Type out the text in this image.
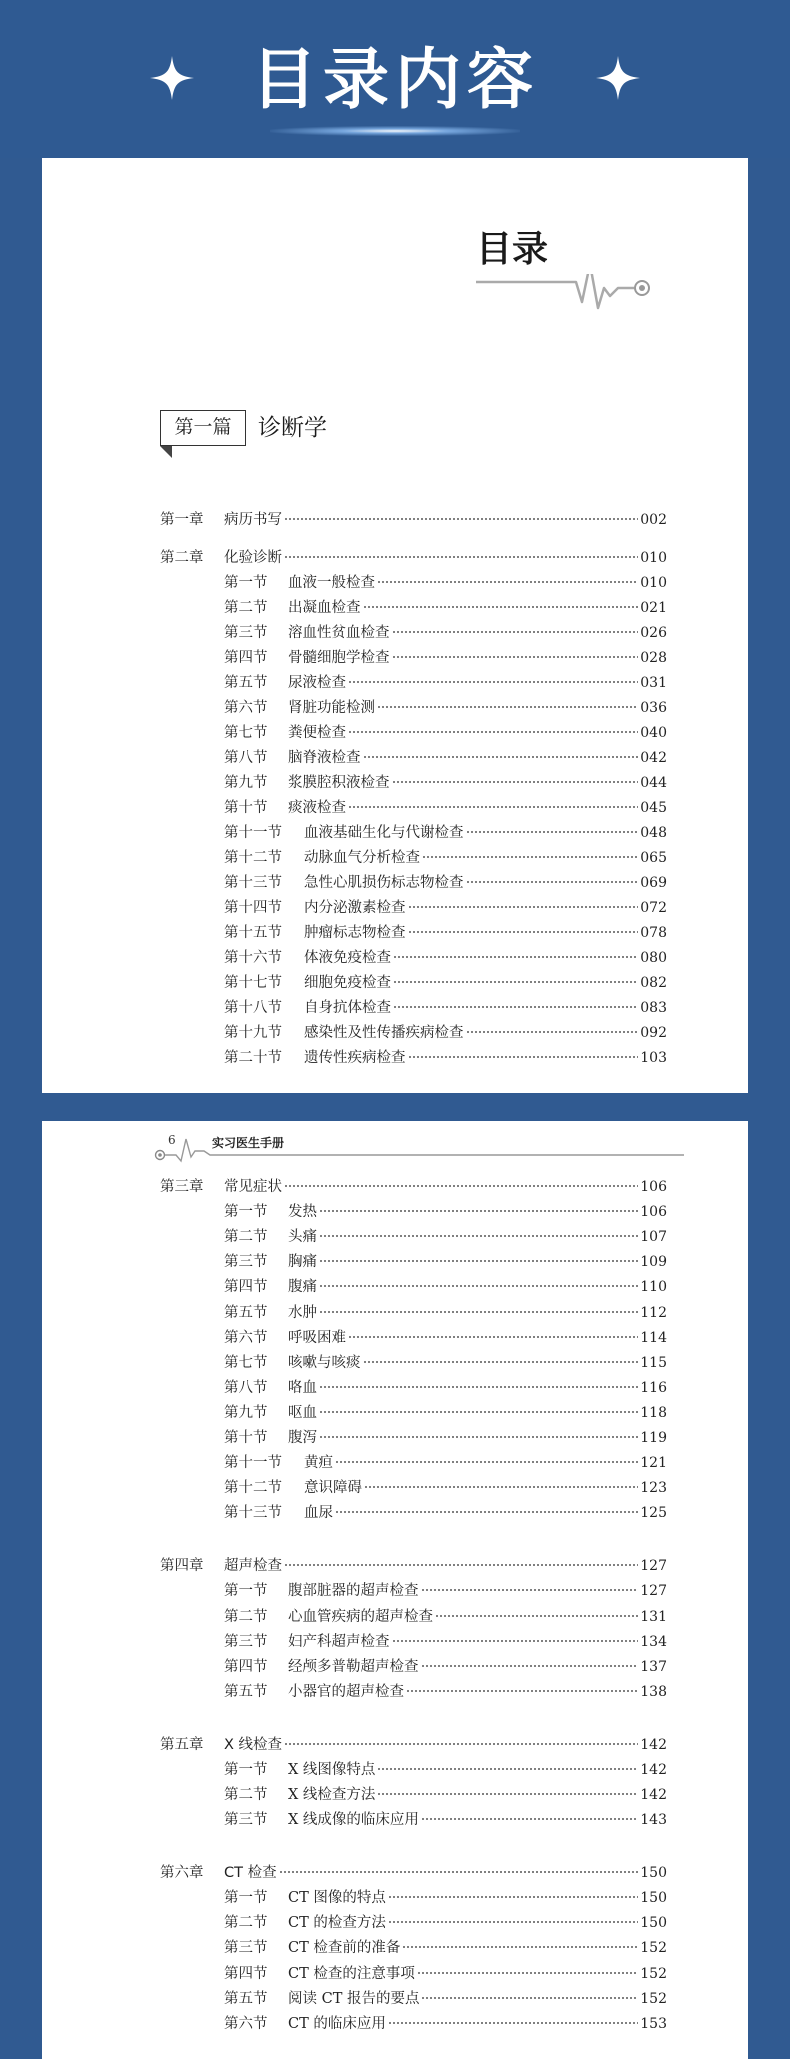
目录内容
目录
第一篇	诊断学
第一章	病历书写	002
第二章	化验诊断	010
第一节	血液一般检查	010
第二节	出凝血检查	021
第三节	溶血性贫血检查	026
第四节	骨髓细胞学检查	028
第五节	尿液检查	031
第六节	肾脏功能检测	036
第七节	粪便检查	040
第八节	脑脊液检查	042
第九节	浆膜腔积液检查	044
第十节	痰液检查	045
第十一节	血液基础生化与代谢检查	048
第十二节	动脉血气分析检查	065
第十三节	急性心肌损伤标志物检查	069
第十四节	内分泌激素检查	072
第十五节	肿瘤标志物检查	078
第十六节	体液免疫检查	080
第十七节	细胞免疫检查	082
第十八节	自身抗体检查	083
第十九节	感染性及性传播疾病检查	092
第二十节	遗传性疾病检查	103
6	实习医生手册
第三章	常见症状	106
第一节	发热	106
第二节	头痛	107
第三节	胸痛	109
第四节	腹痛	110
第五节	水肿	112
第六节	呼吸困难	114
第七节	咳嗽与咳痰	115
第八节	咯血	116
第九节	呕血	118
第十节	腹泻	119
第十一节	黄疸	121
第十二节	意识障碍	123
第十三节	血尿	125
第四章	超声检查	127
第一节	腹部脏器的超声检查	127
第二节	心血管疾病的超声检查	131
第三节	妇产科超声检查	134
第四节	经颅多普勒超声检查	137
第五节	小器官的超声检查	138
第五章	X 线检查	142
第一节	X 线图像特点	142
第二节	X 线检查方法	142
第三节	X 线成像的临床应用	143
第六章	CT 检查	150
第一节	CT 图像的特点	150
第二节	CT 的检查方法	150
第三节	CT 检查前的准备	152
第四节	CT 检查的注意事项	152
第五节	阅读 CT 报告的要点	152
第六节	CT 的临床应用	153
